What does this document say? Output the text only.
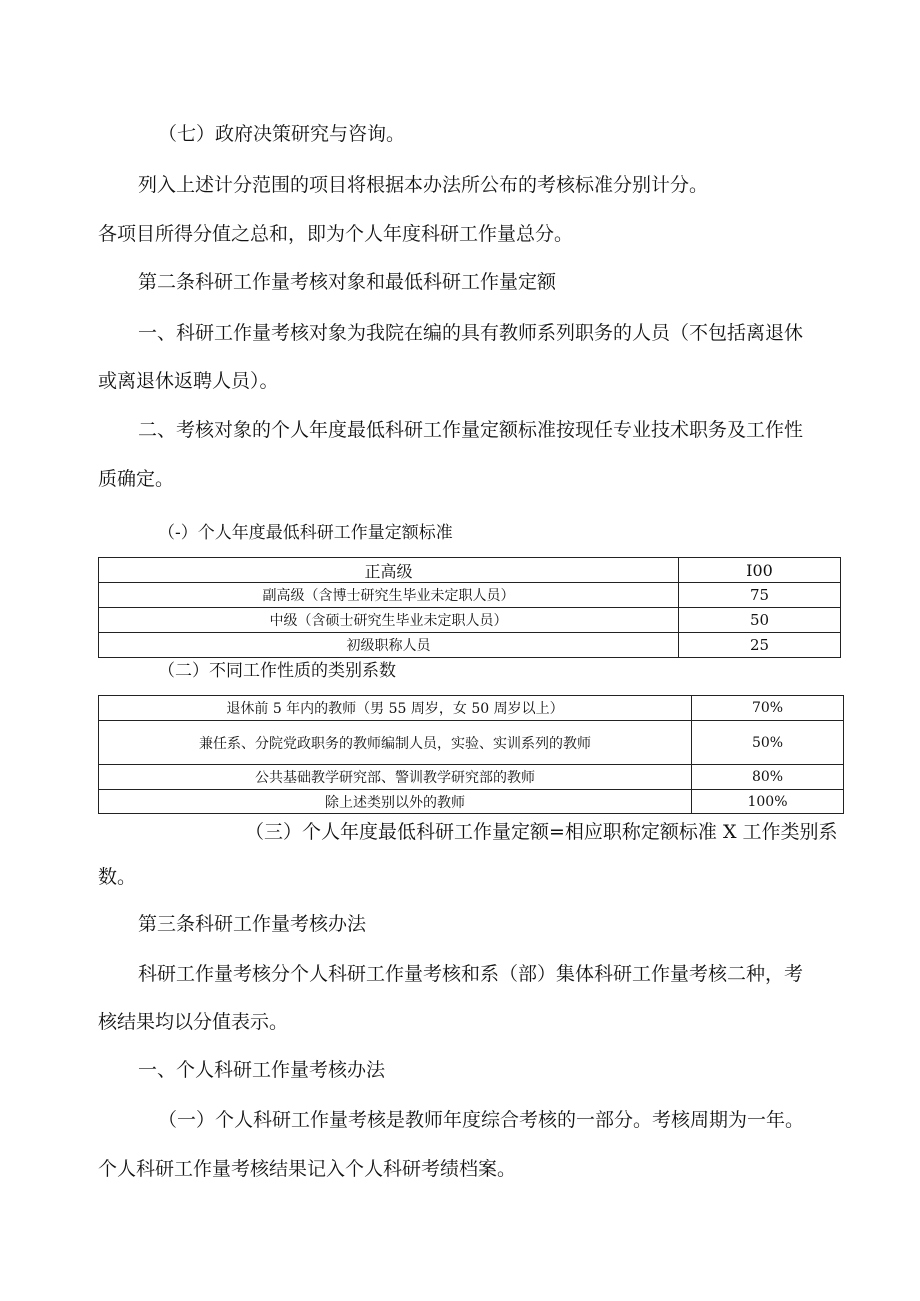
（七）政府决策研究与咨询。
列入上述计分范围的项目将根据本办法所公布的考核标准分别计分。
各项目所得分值之总和，即为个人年度科研工作量总分。
第二条科研工作量考核对象和最低科研工作量定额
一、科研工作量考核对象为我院在编的具有教师系列职务的人员（不包括离退休
或离退休返聘人员）。
二、考核对象的个人年度最低科研工作量定额标准按现任专业技术职务及工作性
质确定。
（-）个人年度最低科研工作量定额标准
正高级	I00
副高级（含博士研究生毕业未定职人员）	75
中级（含硕士研究生毕业未定职人员）	50
初级职称人员	25
（二）不同工作性质的类别系数
退休前 5 年内的教师（男 55 周岁，女 50 周岁以上）	70%
兼任系、分院党政职务的教师编制人员，实验、实训系列的教师	50%
公共基础教学研究部、警训教学研究部的教师	80%
除上述类别以外的教师	100%
（三）个人年度最低科研工作量定额=相应职称定额标准 X 工作类别系
数。
第三条科研工作量考核办法
科研工作量考核分个人科研工作量考核和系（部）集体科研工作量考核二种，考
核结果均以分值表示。
一、个人科研工作量考核办法
（一）个人科研工作量考核是教师年度综合考核的一部分。考核周期为一年。
个人科研工作量考核结果记入个人科研考绩档案。
